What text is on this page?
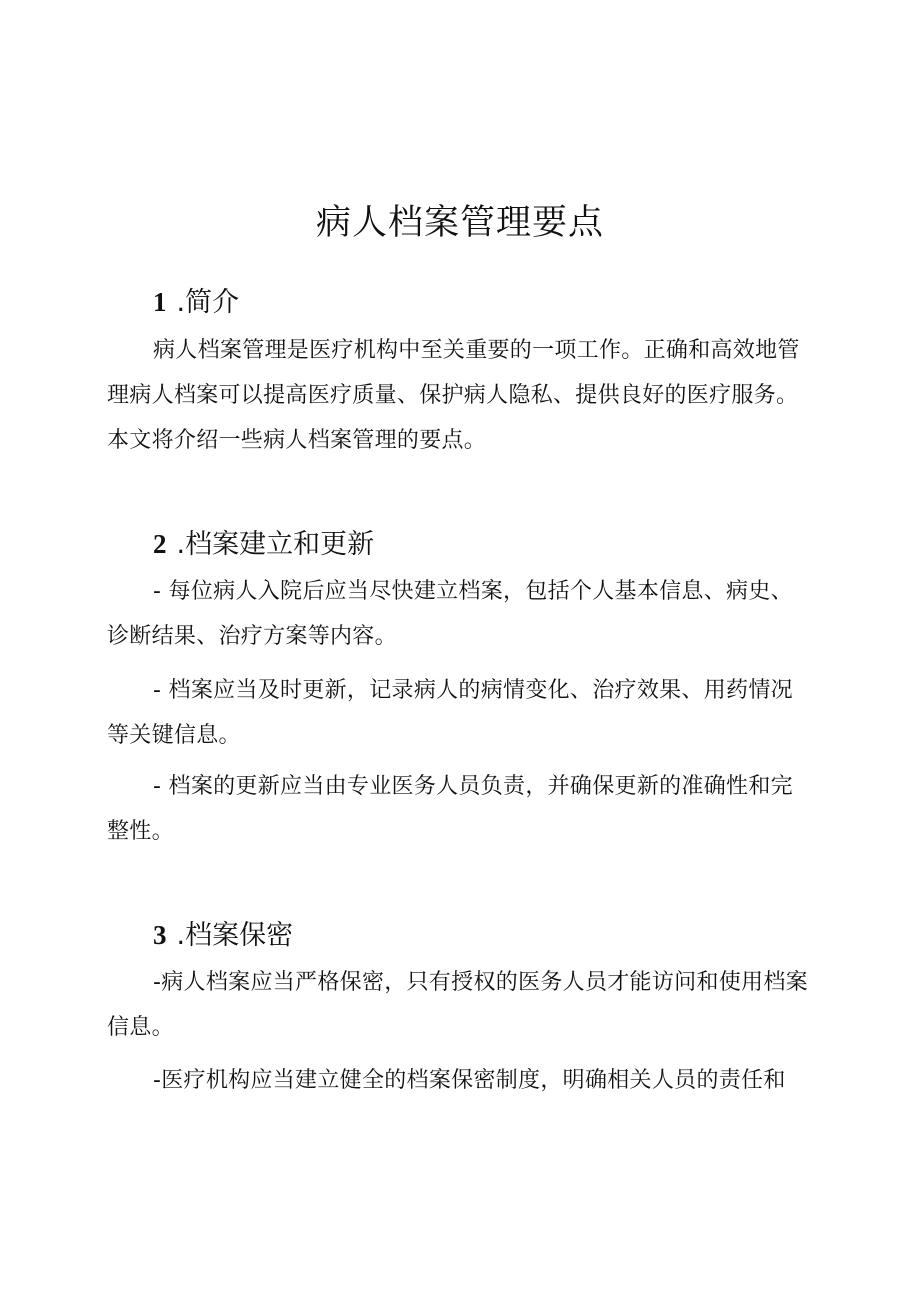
病人档案管理要点
1 .简介

病人档案管理是医疗机构中至关重要的一项工作。正确和高效地管理病人档案可以提高医疗质量、保护病人隐私、提供良好的医疗服务。本文将介绍一些病人档案管理的要点。

2 .档案建立和更新

- 每位病人入院后应当尽快建立档案，包括个人基本信息、病史、诊断结果、治疗方案等内容。

- 档案应当及时更新，记录病人的病情变化、治疗效果、用药情况等关键信息。

- 档案的更新应当由专业医务人员负责，并确保更新的准确性和完整性。

3 .档案保密

-病人档案应当严格保密，只有授权的医务人员才能访问和使用档案信息。

-医疗机构应当建立健全的档案保密制度，明确相关人员的责任和
